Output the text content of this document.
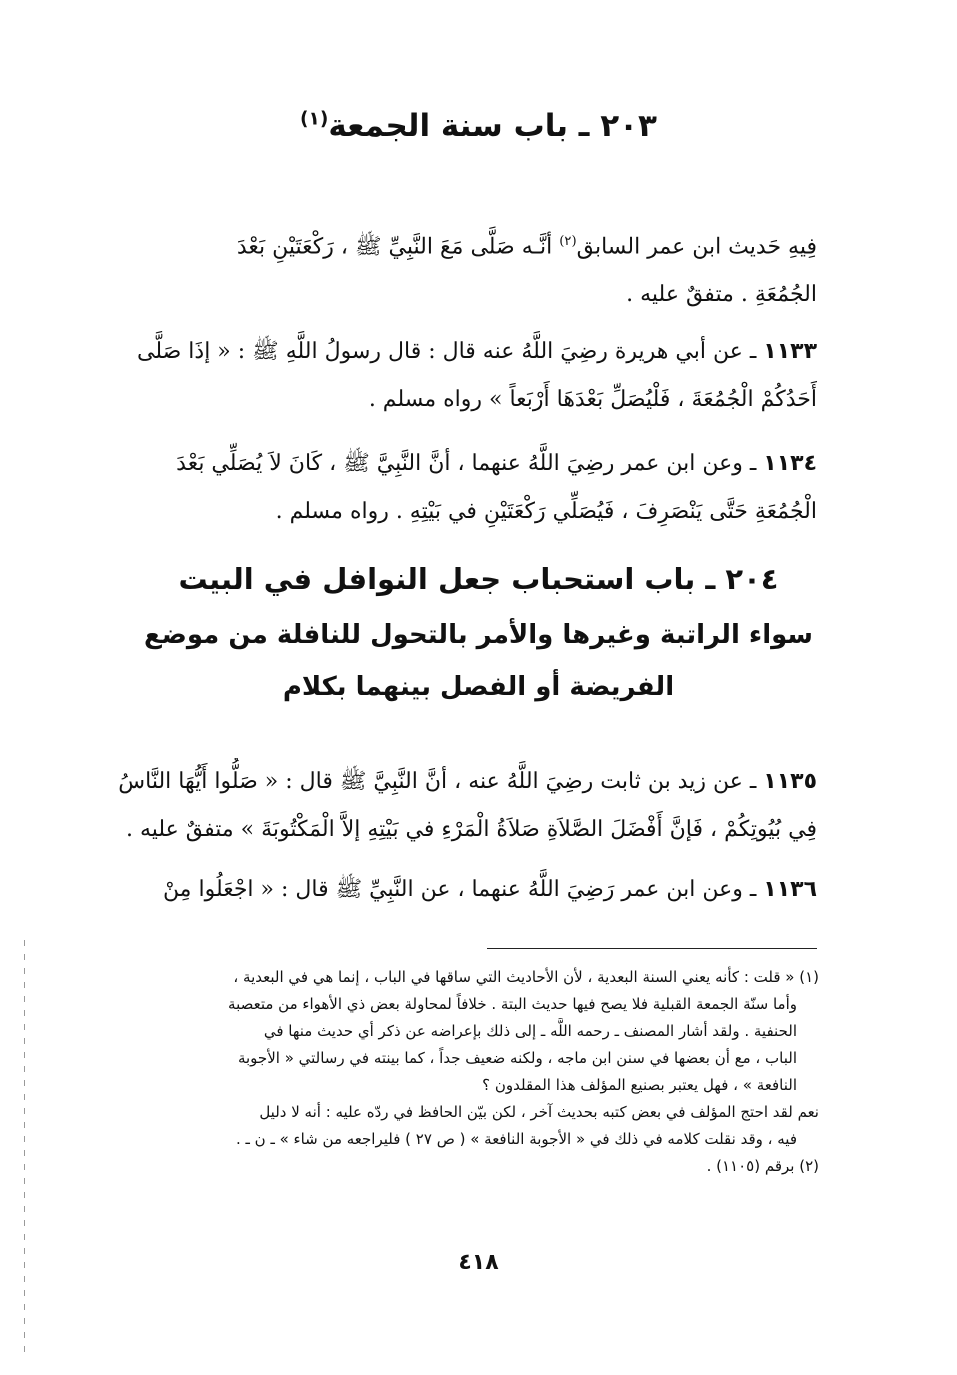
٢٠٣ ـ باب سنة الجمعة$^{(١)}$
فِيهِ حَديث ابن عمر السابق$^{(٢)}$ أنَّـه صَلَّى مَعَ النَّبِيِّ ﷺ ، رَكْعَتَيْنِ بَعْدَ
الجُمُعَةِ . متفقٌ عليه .
١١٣٣ ـ عن أبي هريرة رضِيَ اللَّهُ عنه قال : قال رسولُ اللَّهِ ﷺ : « إذَا صَلَّى
أَحَدُكُمْ الْجُمُعَةَ ، فَلْيُصَلِّ بَعْدَهَا أَرْبَعاً » رواه مسلم .
١١٣٤ ـ وعن ابن عمر رضِيَ اللَّهُ عنهما ، أنَّ النَّبِيَّ ﷺ ، كَانَ لاَ يُصَلِّي بَعْدَ
الْجُمُعَةِ حَتَّى يَنْصَرِفَ ، فَيُصَلِّي رَكْعَتَيْنِ في بَيْتِهِ . رواه مسلم .
٢٠٤ ـ باب استحباب جعل النوافل في البيت
سواء الراتبة وغيرها والأمر بالتحول للنافلة من موضع
الفريضة أو الفصل بينهما بكلام
١١٣٥ ـ عن زيد بن ثابت رضِيَ اللَّهُ عنه ، أنَّ النَّبِيَّ ﷺ قال : « صَلُّوا أَيُّهَا النَّاسُ
فِي بُيُوتِكُمْ ، فَإنَّ أَفْضَلَ الصَّلاَةِ صَلاَةُ الْمَرْءِ في بَيْتِهِ إلاَّ الْمَكْتُوبَةَ » متفقٌ عليه .
١١٣٦ ـ وعن ابن عمر رَضِيَ اللَّهُ عنهما ، عن النَّبِيِّ ﷺ قال : « اجْعَلُوا مِنْ
(١) « قلت : كأنه يعني السنة البعدية ، لأن الأحاديث التي ساقها في الباب ، إنما هي في البعدية ،
وأما سنّة الجمعة القبلية فلا يصح فيها حديث البتة . خلافاً لمحاولة بعض ذي الأهواء من متعصبة
الحنفية . ولقد أشار المصنف ـ رحمه اللَّه ـ إلى ذلك بإعراضه عن ذكر أي حديث منها في
الباب ، مع أن بعضها في سنن ابن ماجه ، ولكنه ضعيف جداً ، كما بينته في رسالتي « الأجوبة
النافعة » ، فهل يعتبر بصنيع المؤلف هذا المقلدون ؟
نعم لقد احتج المؤلف في بعض كتبه بحديث آخر ، لكن بيّن الحافظ في ردّه عليه : أنه لا دليل
فيه ، وقد نقلت كلامه في ذلك في « الأجوبة النافعة » ( ص ٢٧ ) فليراجعه من شاء » ـ ن ـ .
(٢) برقم (١١٠٥) .
٤١٨
